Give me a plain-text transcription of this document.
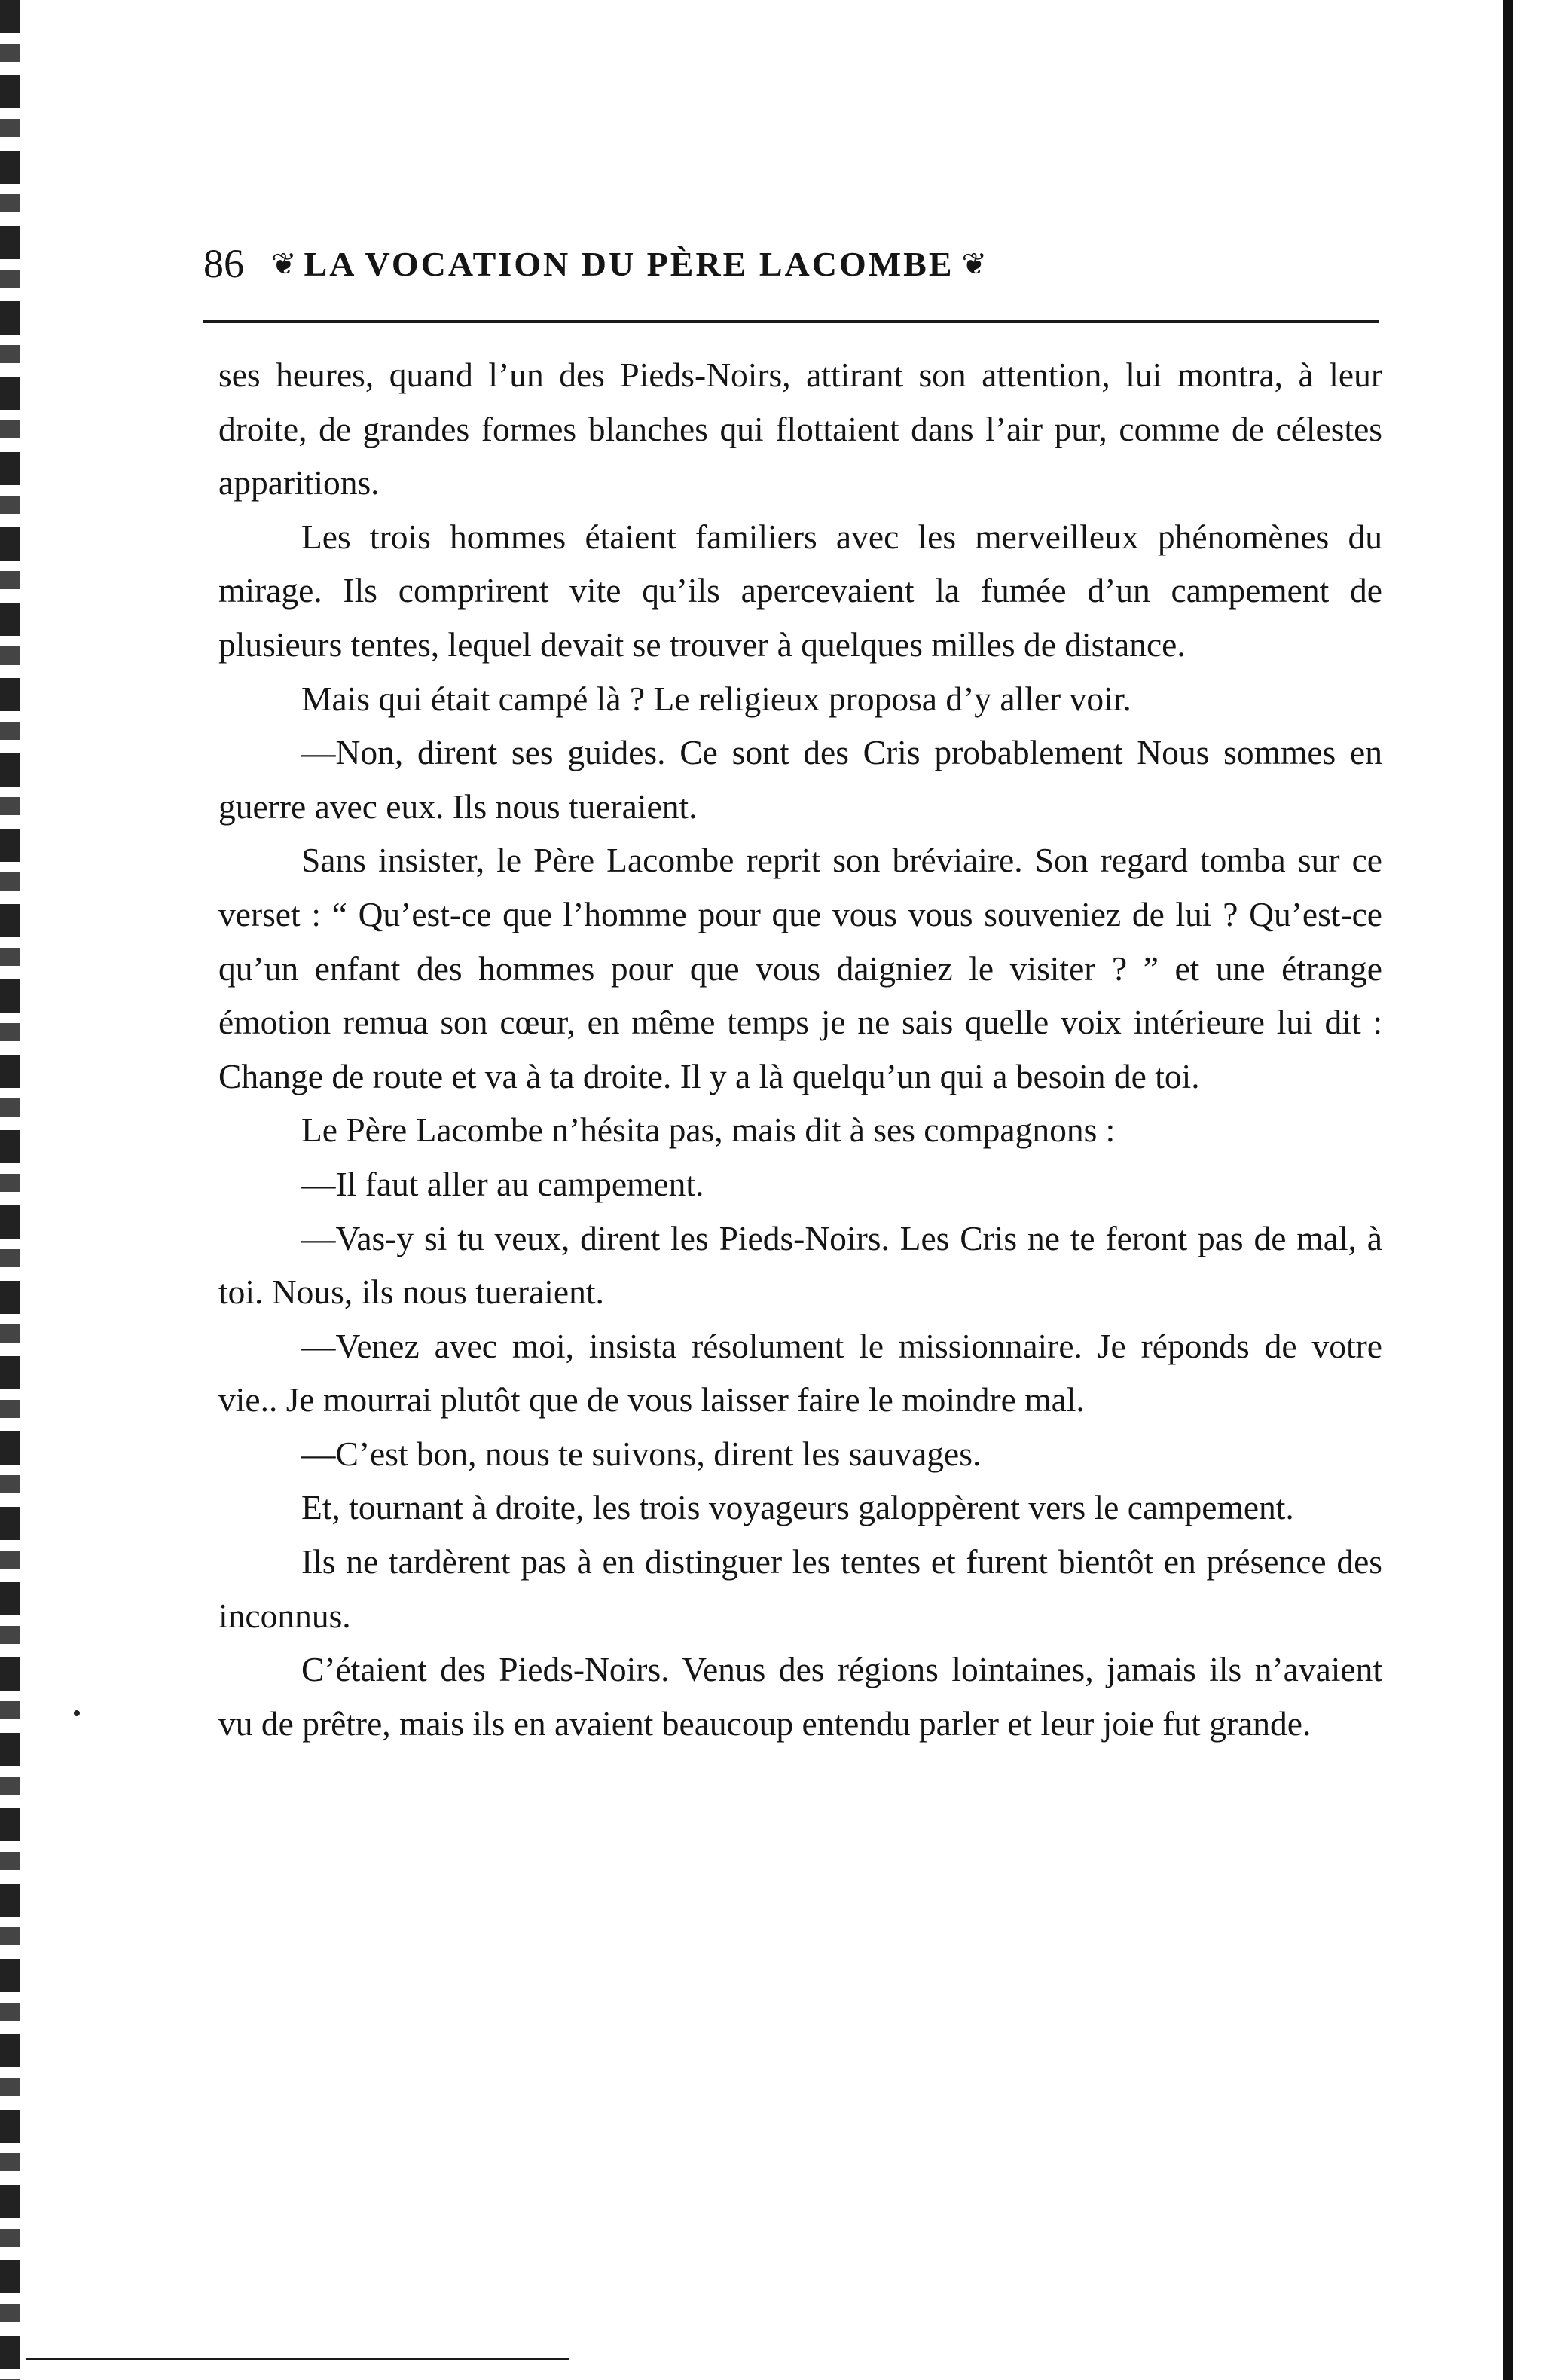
86 ❦ LA VOCATION DU PÈRE LACOMBE ❦

ses heures, quand l’un des Pieds-Noirs, attirant son attention, lui montra, à leur droite, de grandes formes blanches qui flottaient dans l’air pur, comme de célestes apparitions.

Les trois hommes étaient familiers avec les merveilleux phénomènes du mirage. Ils comprirent vite qu’ils apercevaient la fumée d’un campement de plusieurs tentes, lequel devait se trouver à quelques milles de distance.

Mais qui était campé là ? Le religieux proposa d’y aller voir.

—Non, dirent ses guides. Ce sont des Cris probablement Nous sommes en guerre avec eux. Ils nous tueraient.

Sans insister, le Père Lacombe reprit son bréviaire. Son regard tomba sur ce verset : “ Qu’est-ce que l’homme pour que vous vous souveniez de lui ? Qu’est-ce qu’un enfant des hommes pour que vous daigniez le visiter ? ” et une étrange émotion remua son cœur, en même temps je ne sais quelle voix intérieure lui dit : Change de route et va à ta droite. Il y a là quelqu’un qui a besoin de toi.

Le Père Lacombe n’hésita pas, mais dit à ses compagnons :

—Il faut aller au campement.

—Vas-y si tu veux, dirent les Pieds-Noirs. Les Cris ne te feront pas de mal, à toi. Nous, ils nous tueraient.

—Venez avec moi, insista résolument le missionnaire. Je réponds de votre vie.. Je mourrai plutôt que de vous laisser faire le moindre mal.

—C’est bon, nous te suivons, dirent les sauvages.

Et, tournant à droite, les trois voyageurs galoppèrent vers le campement.

Ils ne tardèrent pas à en distinguer les tentes et furent bientôt en présence des inconnus.

C’étaient des Pieds-Noirs. Venus des régions lointaines, jamais ils n’avaient vu de prêtre, mais ils en avaient beaucoup entendu parler et leur joie fut grande.
